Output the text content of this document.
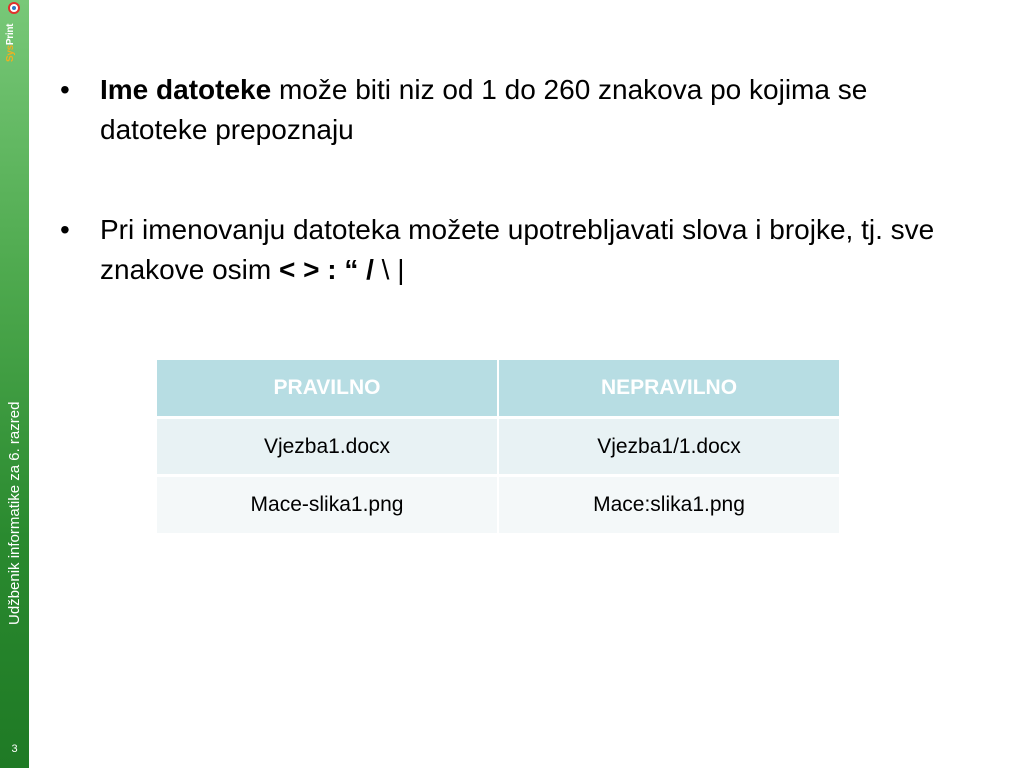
SysPrint
Udžbenik informatike za 6. razred
3
• Ime datoteke može biti niz od 1 do 260 znakova po kojima se datoteke prepoznaju
• Pri imenovanju datoteka možete upotrebljavati slova i brojke, tj. sve znakove osim < > : “ / \ |
PRAVILNO	NEPRAVILNO
Vjezba1.docx	Vjezba1/1.docx
Mace-slika1.png	Mace:slika1.png
